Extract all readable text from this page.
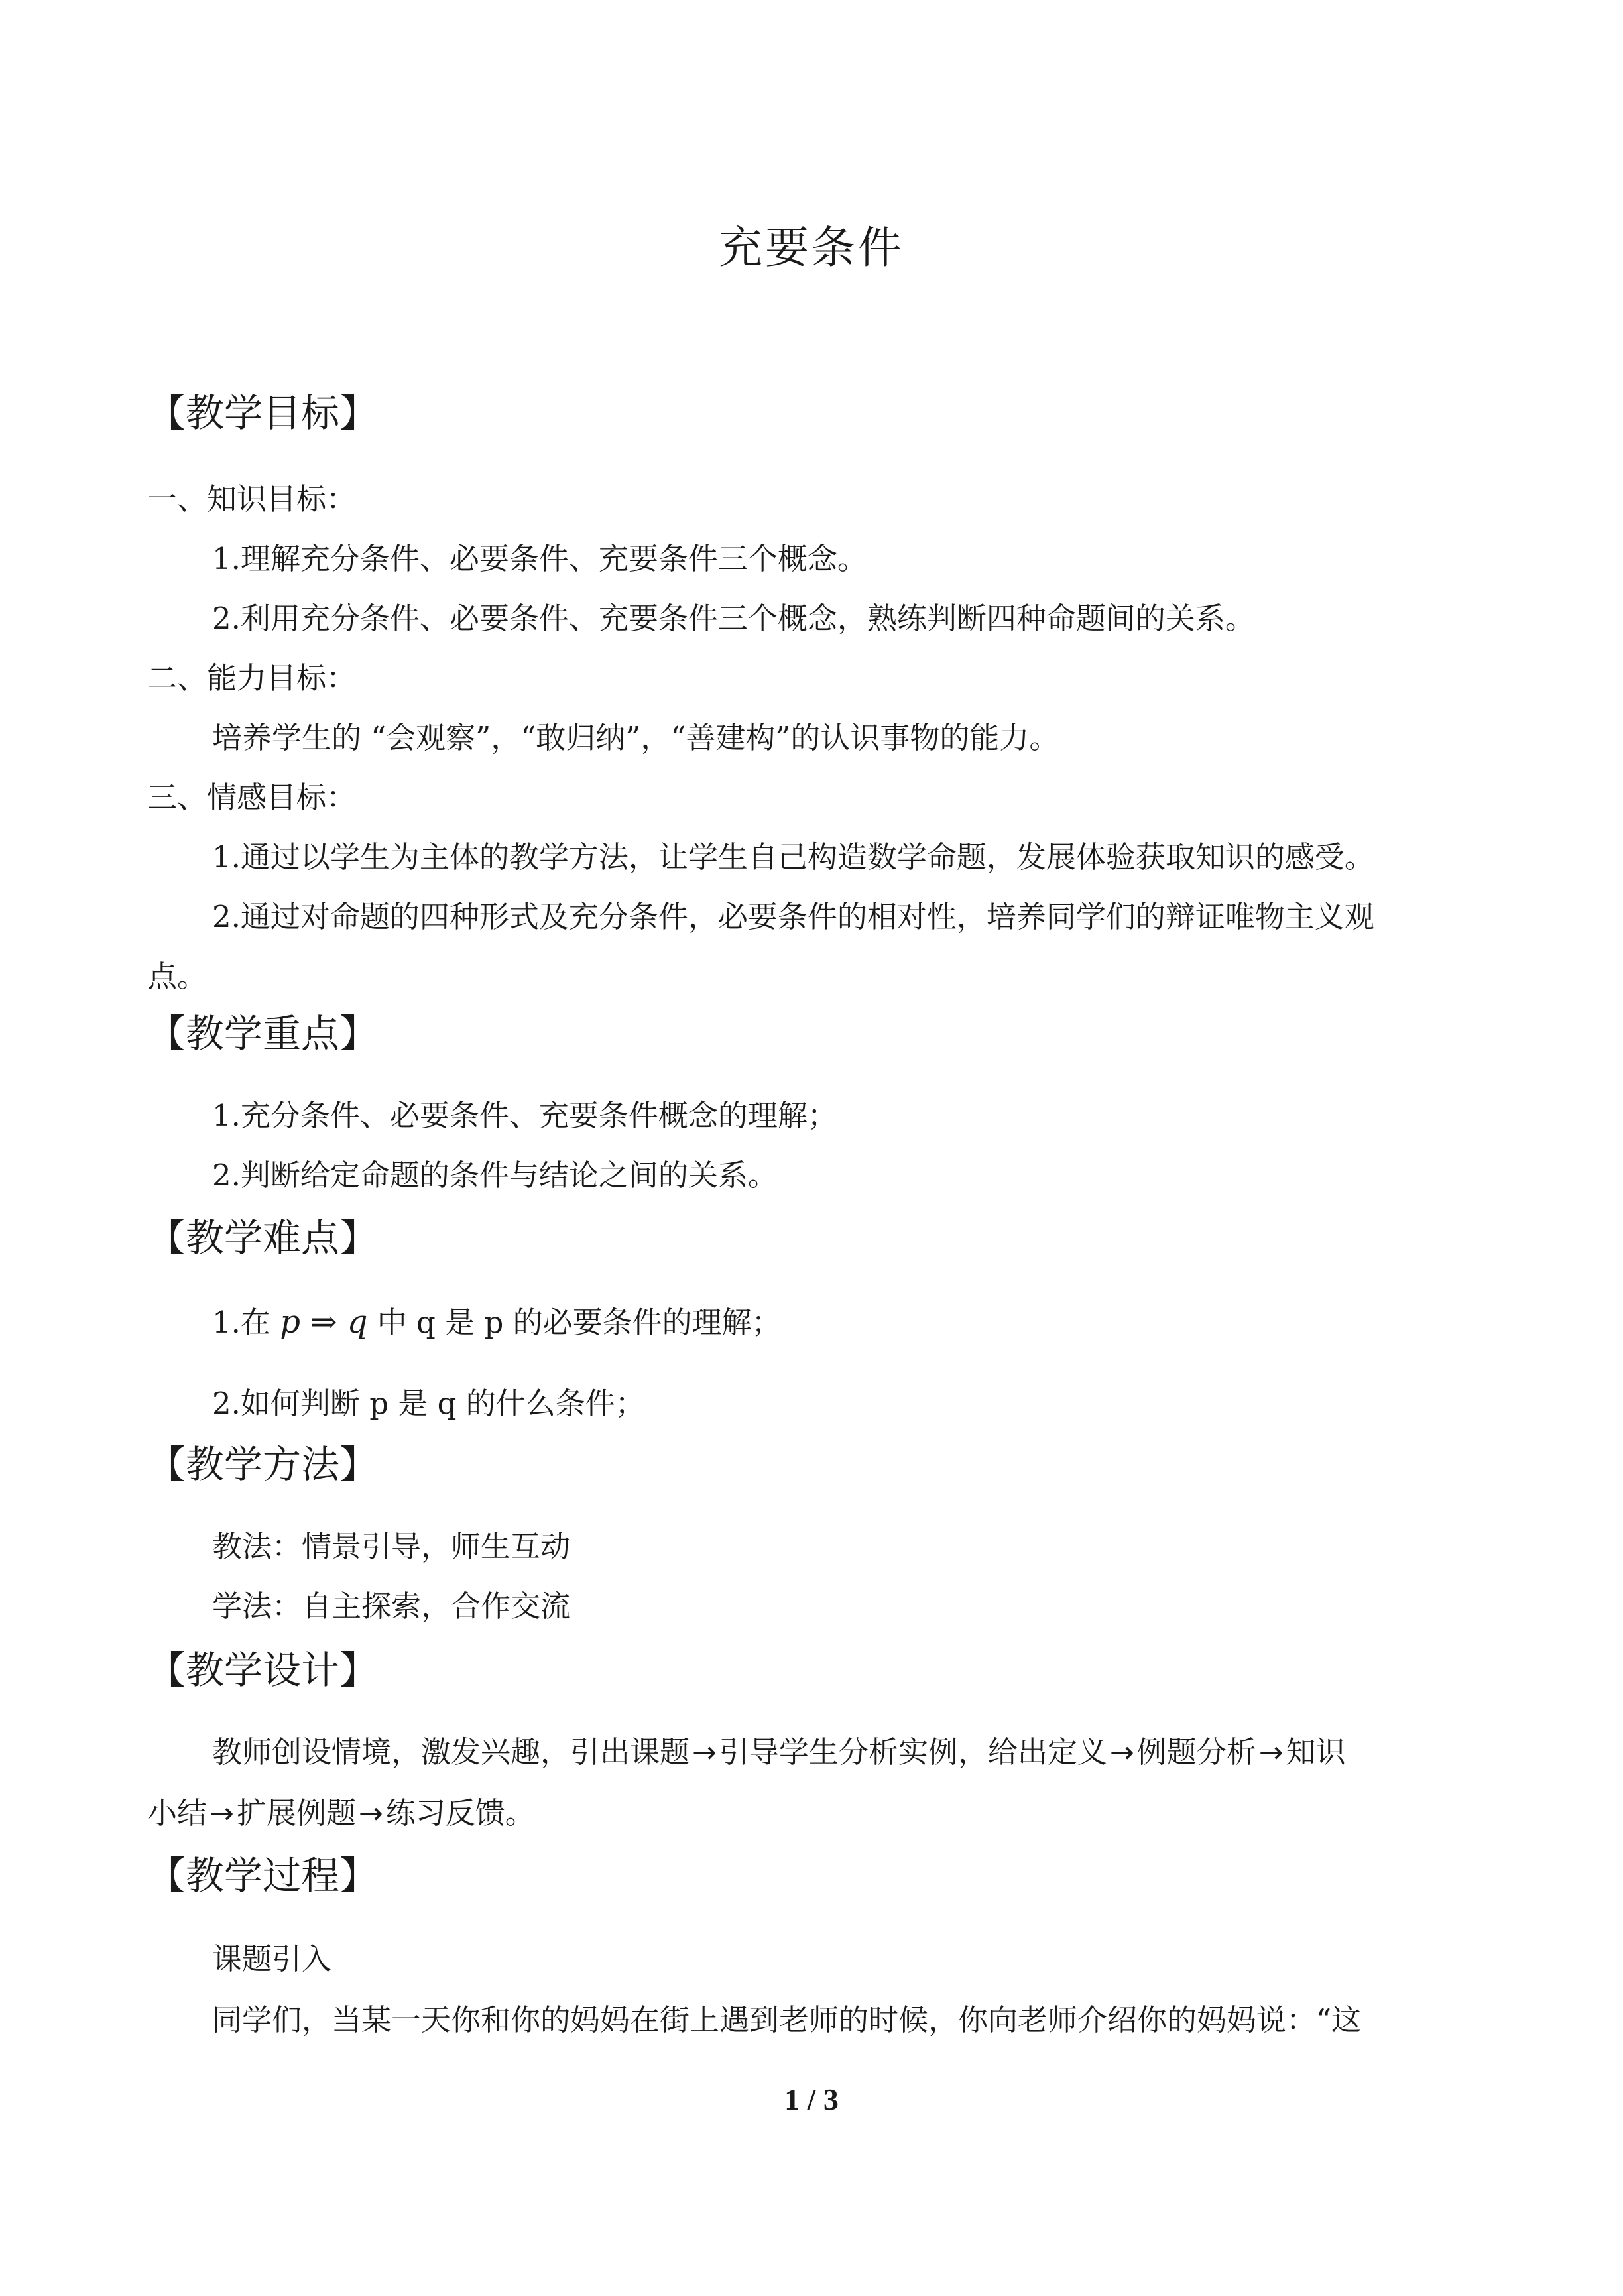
充要条件
【教学目标】
一、知识目标：
1.理解充分条件、必要条件、充要条件三个概念。
2.利用充分条件、必要条件、充要条件三个概念，熟练判断四种命题间的关系。
二、能力目标：
培养学生的 “会观察”，“敢归纳”，“善建构”的认识事物的能力。
三、情感目标：
1.通过以学生为主体的教学方法，让学生自己构造数学命题，发展体验获取知识的感受。
2.通过对命题的四种形式及充分条件，必要条件的相对性，培养同学们的辩证唯物主义观
点。
【教学重点】
1.充分条件、必要条件、充要条件概念的理解；
2.判断给定命题的条件与结论之间的关系。
【教学难点】
1.在 p ⇒ q 中 q 是 p 的必要条件的理解；
2.如何判断 p 是 q 的什么条件；
【教学方法】
教法：情景引导，师生互动
学法：自主探索，合作交流
【教学设计】
教师创设情境，激发兴趣，引出课题→引导学生分析实例，给出定义→例题分析→知识
小结→扩展例题→练习反馈。
【教学过程】
课题引入
同学们，当某一天你和你的妈妈在街上遇到老师的时候，你向老师介绍你的妈妈说：“这
1 / 3
